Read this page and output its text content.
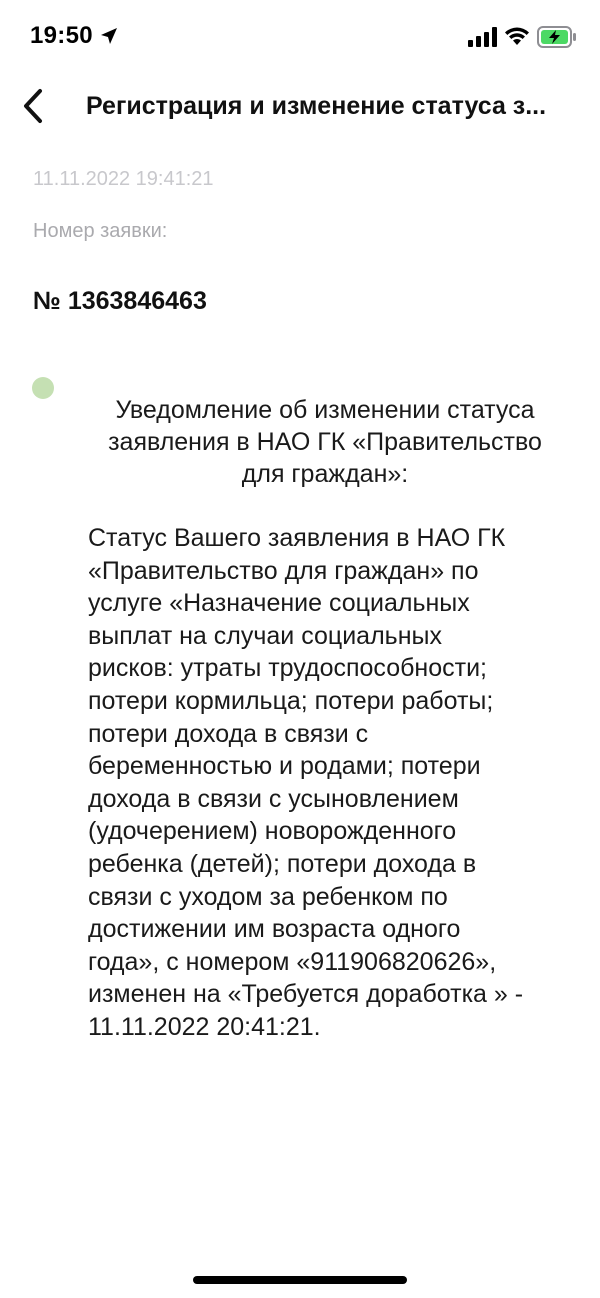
19:50
Регистрация и изменение статуса з...
11.11.2022 19:41:21
Номер заявки:
№ 1363846463
Уведомление об изменении статуса
заявления в НАО ГК «Правительство
для граждан»:
Статус Вашего заявления в НАО ГК
«Правительство для граждан» по
услуге «Назначение социальных
выплат на случаи социальных
рисков: утраты трудоспособности;
потери кормильца; потери работы;
потери дохода в связи с
беременностью и родами; потери
дохода в связи с усыновлением
(удочерением) новорожденного
ребенка (детей); потери дохода в
связи с уходом за ребенком по
достижении им возраста одного
года», с номером «911906820626»,
изменен на «Требуется доработка » -
11.11.2022 20:41:21.
